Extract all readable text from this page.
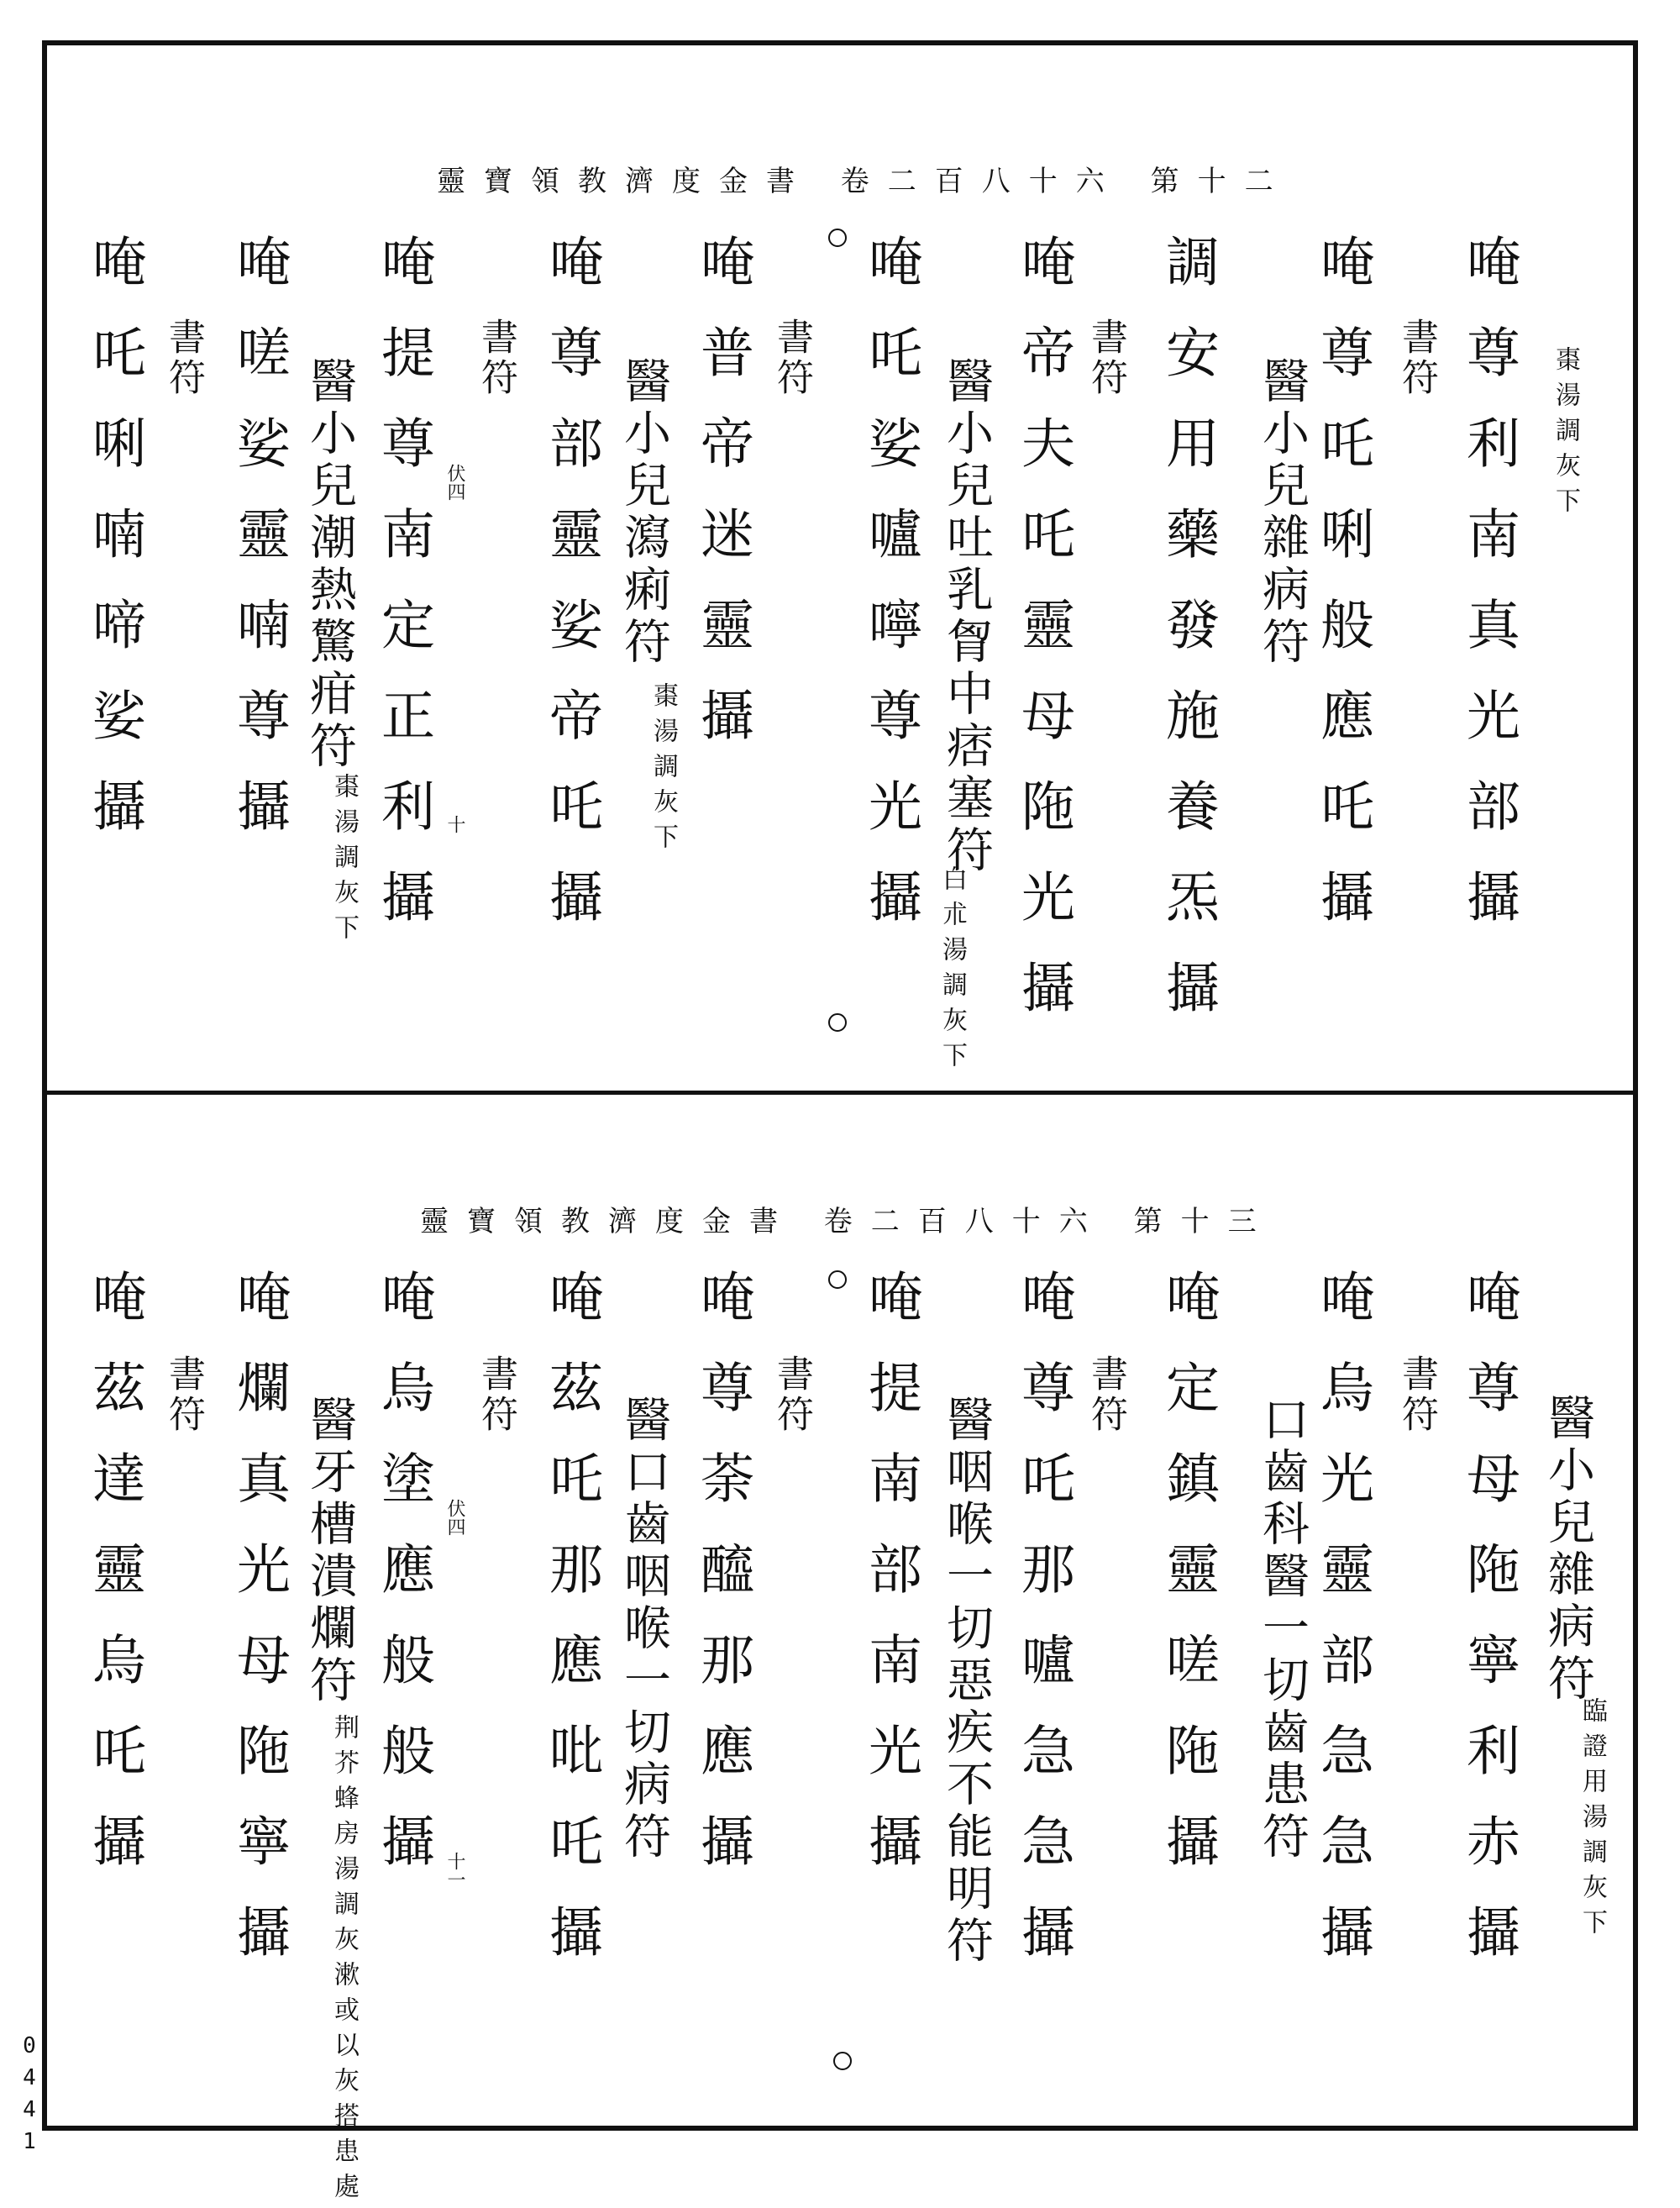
靈寶領教濟度金書 卷二百八十六 第十二
唵尊利南真光部攝 棗湯調灰下
書符
醫小兒雜病符 唵尊吒唎般應吒攝
調安用藥發施養炁攝
書符
醫小兒吐乳胷中痞塞符
白朮湯調灰下 唵帝夫吒靈母陁光攝
唵吒娑嚧嚀尊光攝
書符
醫小兒瀉痢符
棗湯調灰下 唵普帝迷靈攝
書符 唵尊部靈娑帝吒攝
伏四
醫小兒潮熱驚疳符
棗湯調灰下	十
唵提尊南定正利攝
書符 唵嗟娑靈喃尊攝
唵吒唎喃啼娑攝
靈寶領教濟度金書 卷二百八十六 第十三
醫小兒雜病符
臨證用湯調灰下
唵尊母陁寧利赤攝
書符
口齒科醫一切齒患符 唵烏光靈部急急攝
唵定鎮靈嗟陁攝
書符
醫咽喉一切惡疾不能明符 唵尊吒那嚧急急攝
唵提南部南光攝
書符
醫口齒咽喉一切病符 唵尊荼醯那應攝
書符 唵茲吒那應吡吒攝
伏四
十一
唵烏塗應般般攝
醫牙槽潰爛符
荆芥蜂房湯調灰漱或以灰搭患處
唵爛真光母陁寧攝
書符
唵茲達靈烏吒攝
0441
